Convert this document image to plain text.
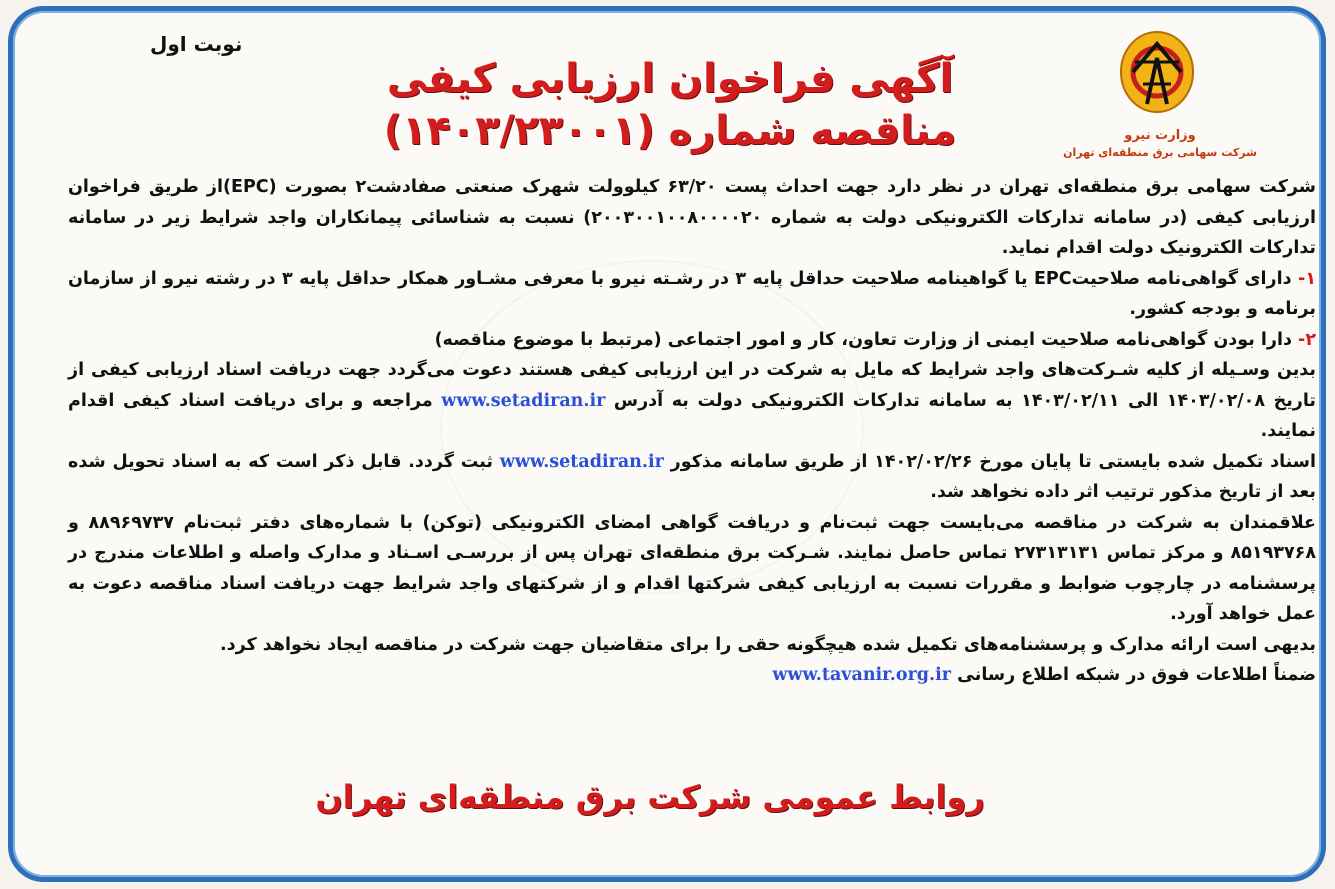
نوبت اول
آگهی فراخوان ارزیابی کیفی
مناقصه شماره (۱۴۰۳/۲۳۰۰۱)	وزارت نیرو
شرکت سهامی برق منطقه‌ای تهران

شرکت سهامی برق منطقه‌ای تهران در نظر دارد جهت احداث پست ۶۳/۲۰ کیلوولت شهرک صنعتی صفادشت۲ بصورت (EPC)از طریق فراخوان ارزیابی کیفی (در سامانه تدارکات الکترونیکی دولت به شماره ۲۰۰۳۰۰۱۰۰۸۰۰۰۰۲۰) نسبت به شناسائی پیمانکاران واجد شرایط زیر در سامانه تدارکات الکترونیک دولت اقدام نماید.

۱- دارای گواهی‌نامه صلاحیتEPC یا گواهینامه صلاحیت حداقل پایه ۳ در رشـته نیرو با معرفی مشـاور همکار حداقل پایه ۳ در رشته نیرو از سازمان برنامه و بودجه کشور.

۲- دارا بودن گواهی‌نامه صلاحیت ایمنی از وزارت تعاون، کار و امور اجتماعی (مرتبط با موضوع مناقصه)

بدین وسـیله از کلیه شـرکت‌های واجد شرایط که مایل به شرکت در این ارزیابی کیفی هستند دعوت می‌گردد جهت دریافت اسناد ارزیابی کیفی از تاریخ ۱۴۰۳/۰۲/۰۸ الی ۱۴۰۳/۰۲/۱۱ به سامانه تدارکات الکترونیکی دولت به آدرس www.setadiran.ir مراجعه و برای دریافت اسناد کیفی اقدام نمایند.

اسناد تکمیل شده بایستی تا پایان مورخ ۱۴۰۲/۰۲/۲۶ از طریق سامانه مذکور www.setadiran.ir ثبت گردد. قابل ذکر است که به اسناد تحویل شده بعد از تاریخ مذکور ترتیب اثر داده نخواهد شد.

علاقمندان به شرکت در مناقصه می‌بایست جهت ثبت‌نام و دریافت گواهی امضای الکترونیکی (توکن) با شماره‌های دفتر ثبت‌نام ۸۸۹۶۹۷۳۷ و ۸۵۱۹۳۷۶۸ و مرکز تماس ۲۷۳۱۳۱۳۱ تماس حاصل نمایند. شـرکت برق منطقه‌ای تهران پس از بررسـی اسـناد و مدارک واصله و اطلاعات مندرج در پرسشنامه در چارچوب ضوابط و مقررات نسبت به ارزیابی کیفی شرکتها اقدام و از شرکتهای واجد شرایط جهت دریافت اسناد مناقصه دعوت به عمل خواهد آورد.

بدیهی است ارائه مدارک و پرسشنامه‌های تکمیل شده هیچگونه حقی را برای متقاضیان جهت شرکت در مناقصه ایجاد نخواهد کرد.

ضمناً اطلاعات فوق در شبکه اطلاع رسانی www.tavanir.org.ir

روابط عمومی شرکت برق منطقه‌ای تهران
